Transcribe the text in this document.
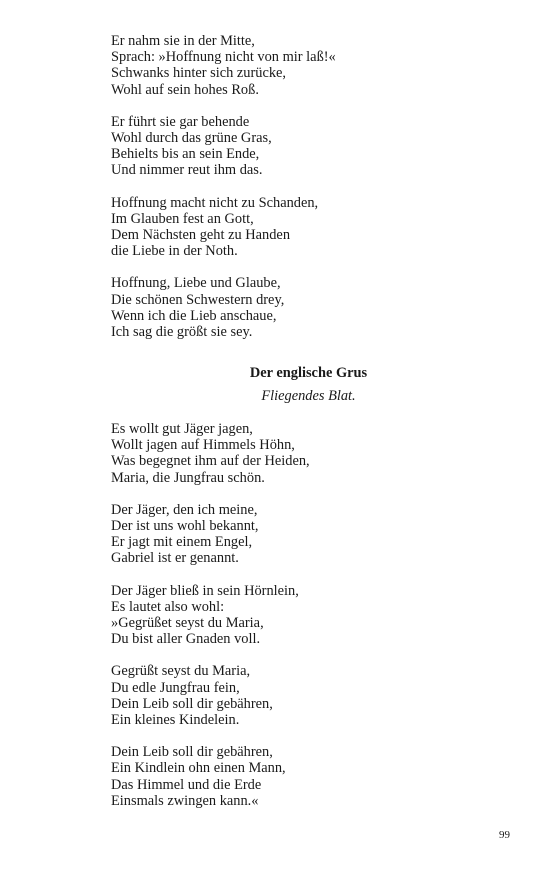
Er nahm sie in der Mitte,
Sprach: »Hoffnung nicht von mir laß!«
Schwanks hinter sich zurücke,
Wohl auf sein hohes Roß.
Er führt sie gar behende
Wohl durch das grüne Gras,
Behielts bis an sein Ende,
Und nimmer reut ihm das.
Hoffnung macht nicht zu Schanden,
Im Glauben fest an Gott,
Dem Nächsten geht zu Handen
die Liebe in der Noth.
Hoffnung, Liebe und Glaube,
Die schönen Schwestern drey,
Wenn ich die Lieb anschaue,
Ich sag die größt sie sey.
Der englische Grus
Fliegendes Blat.
Es wollt gut Jäger jagen,
Wollt jagen auf Himmels Höhn,
Was begegnet ihm auf der Heiden,
Maria, die Jungfrau schön.
Der Jäger, den ich meine,
Der ist uns wohl bekannt,
Er jagt mit einem Engel,
Gabriel ist er genannt.
Der Jäger bließ in sein Hörnlein,
Es lautet also wohl:
»Gegrüßet seyst du Maria,
Du bist aller Gnaden voll.
Gegrüßt seyst du Maria,
Du edle Jungfrau fein,
Dein Leib soll dir gebähren,
Ein kleines Kindelein.
Dein Leib soll dir gebähren,
Ein Kindlein ohn einen Mann,
Das Himmel und die Erde
Einsmals zwingen kann.«
99
